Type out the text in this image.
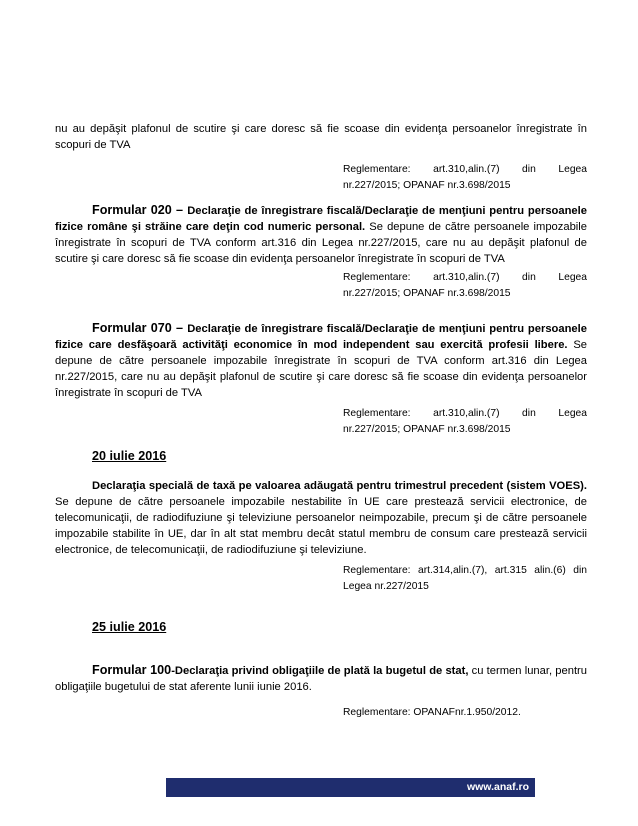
nu au depăşit plafonul de scutire şi care doresc să fie scoase din evidenţa persoanelor înregistrate în scopuri de TVA

Reglementare: art.310,alin.(7) din Legea nr.227/2015; OPANAF nr.3.698/2015
Formular 020 – Declaraţie de înregistrare fiscală/Declaraţie de menţiuni pentru persoanele fizice române şi străine care deţin cod numeric personal. Se depune de către persoanele impozabile înregistrate în scopuri de TVA conform art.316 din Legea nr.227/2015, care nu au depăşit plafonul de scutire şi care doresc să fie scoase din evidenţa persoanelor înregistrate în scopuri de TVA
Reglementare: art.310,alin.(7) din Legea nr.227/2015; OPANAF nr.3.698/2015
Formular 070 – Declaraţie de înregistrare fiscală/Declaraţie de menţiuni pentru persoanele fizice care desfăşoară activităţi economice în mod independent sau exercită profesii libere. Se depune de către persoanele impozabile înregistrate în scopuri de TVA conform art.316 din Legea nr.227/2015, care nu au depăşit plafonul de scutire şi care doresc să fie scoase din evidenţa persoanelor înregistrate în scopuri de TVA
Reglementare: art.310,alin.(7) din Legea nr.227/2015; OPANAF nr.3.698/2015
20 iulie 2016
Declaraţia specială de taxă pe valoarea adăugată pentru trimestrul precedent (sistem VOES). Se depune de către persoanele impozabile nestabilite în UE care prestează servicii electronice, de telecomunicaţii, de radiodifuziune şi televiziune persoanelor neimpozabile, precum şi de către persoanele impozabile stabilite în UE, dar în alt stat membru decât statul membru de consum care prestează servicii electronice, de telecomunicaţii, de radiodifuziune şi televiziune.
Reglementare: art.314,alin.(7), art.315 alin.(6) din Legea nr.227/2015
25 iulie 2016
Formular 100-Declaraţia privind obligaţiile de plată la bugetul de stat, cu termen lunar, pentru obligaţiile bugetului de stat aferente lunii iunie 2016.
Reglementare: OPANAFnr.1.950/2012.
www.anaf.ro
